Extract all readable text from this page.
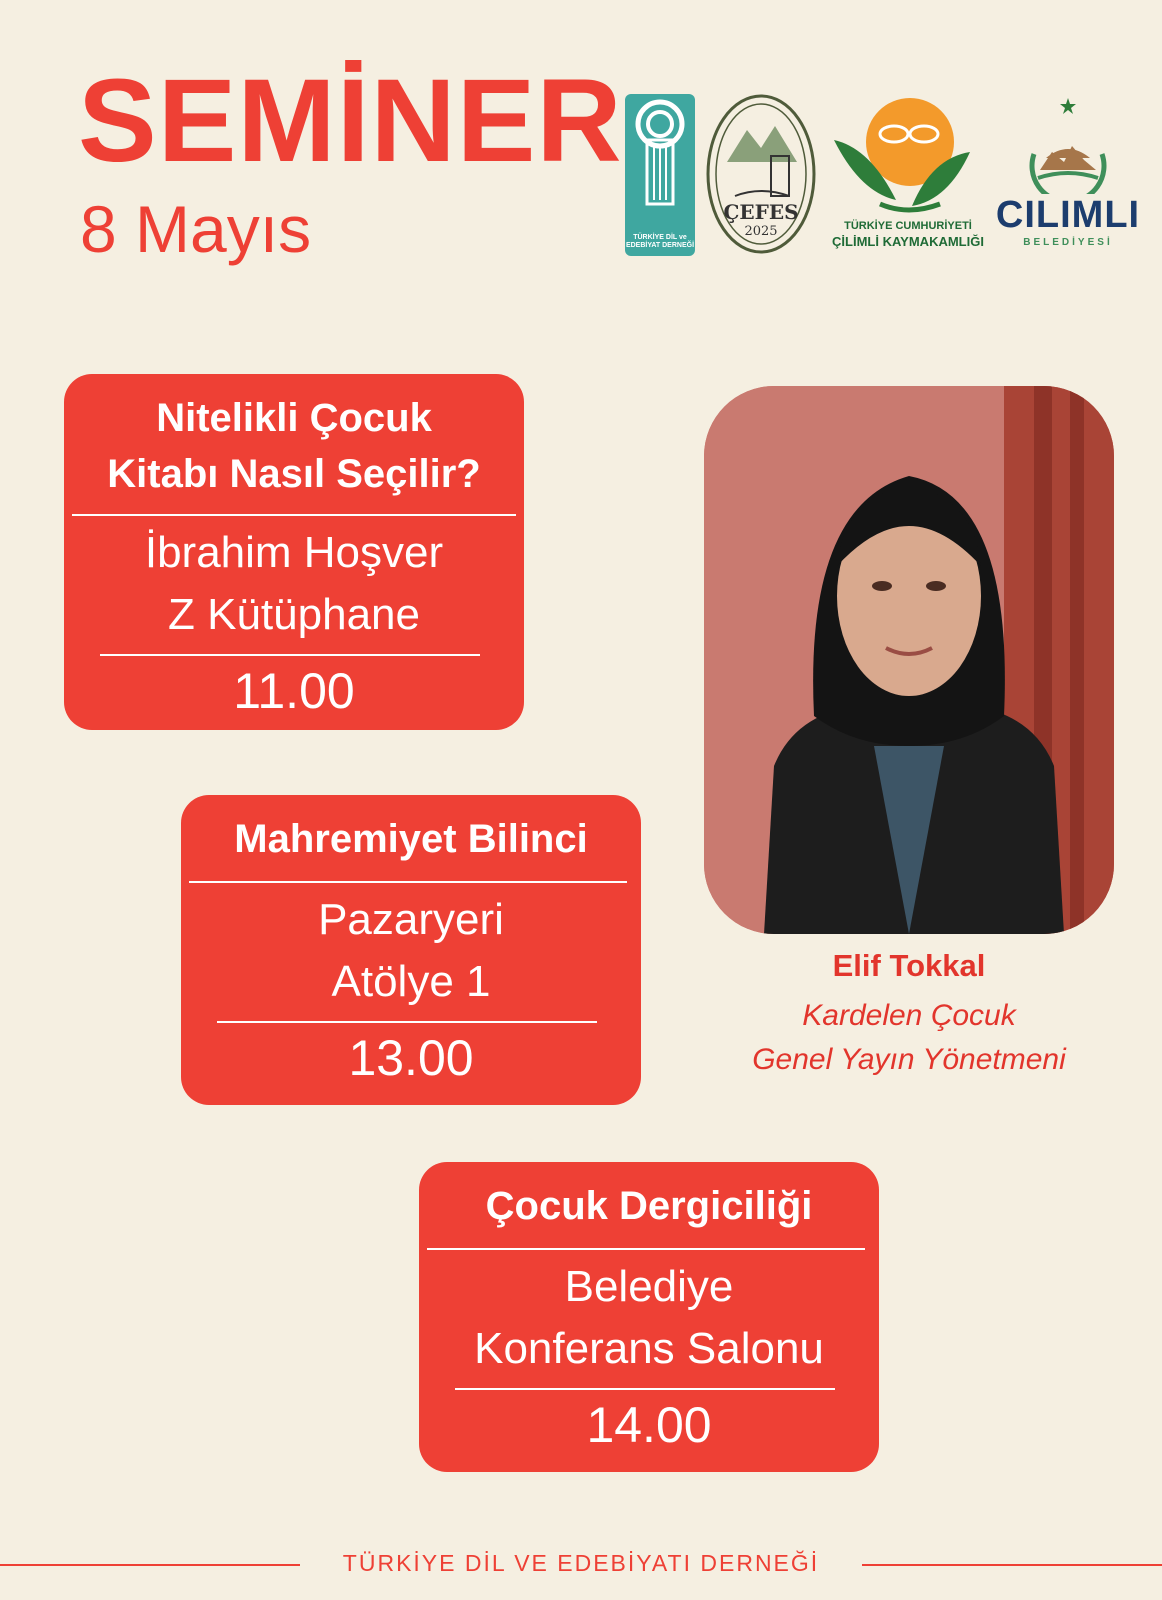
SEMİNER
8 Mayıs	TÜRKİYE DİL ve EDEBİYAT DERNEĞİ
ÇEFES
2025	TÜRKİYE CUMHURİYETİ
ÇİLİMLİ KAYMAKAMLIĞI
CILIMLI
BELEDİYESİ
Nitelikli Çocuk
Kitabı Nasıl Seçilir?
İbrahim Hoşver
Z Kütüphane
11.00
Mahremiyet Bilinci
Pazaryeri
Atölye 1
13.00
Çocuk Dergiciliği
Belediye
Konferans Salonu
14.00
Elif Tokkal
Kardelen Çocuk
Genel Yayın Yönetmeni
TÜRKİYE DİL VE EDEBİYATI DERNEĞİ
